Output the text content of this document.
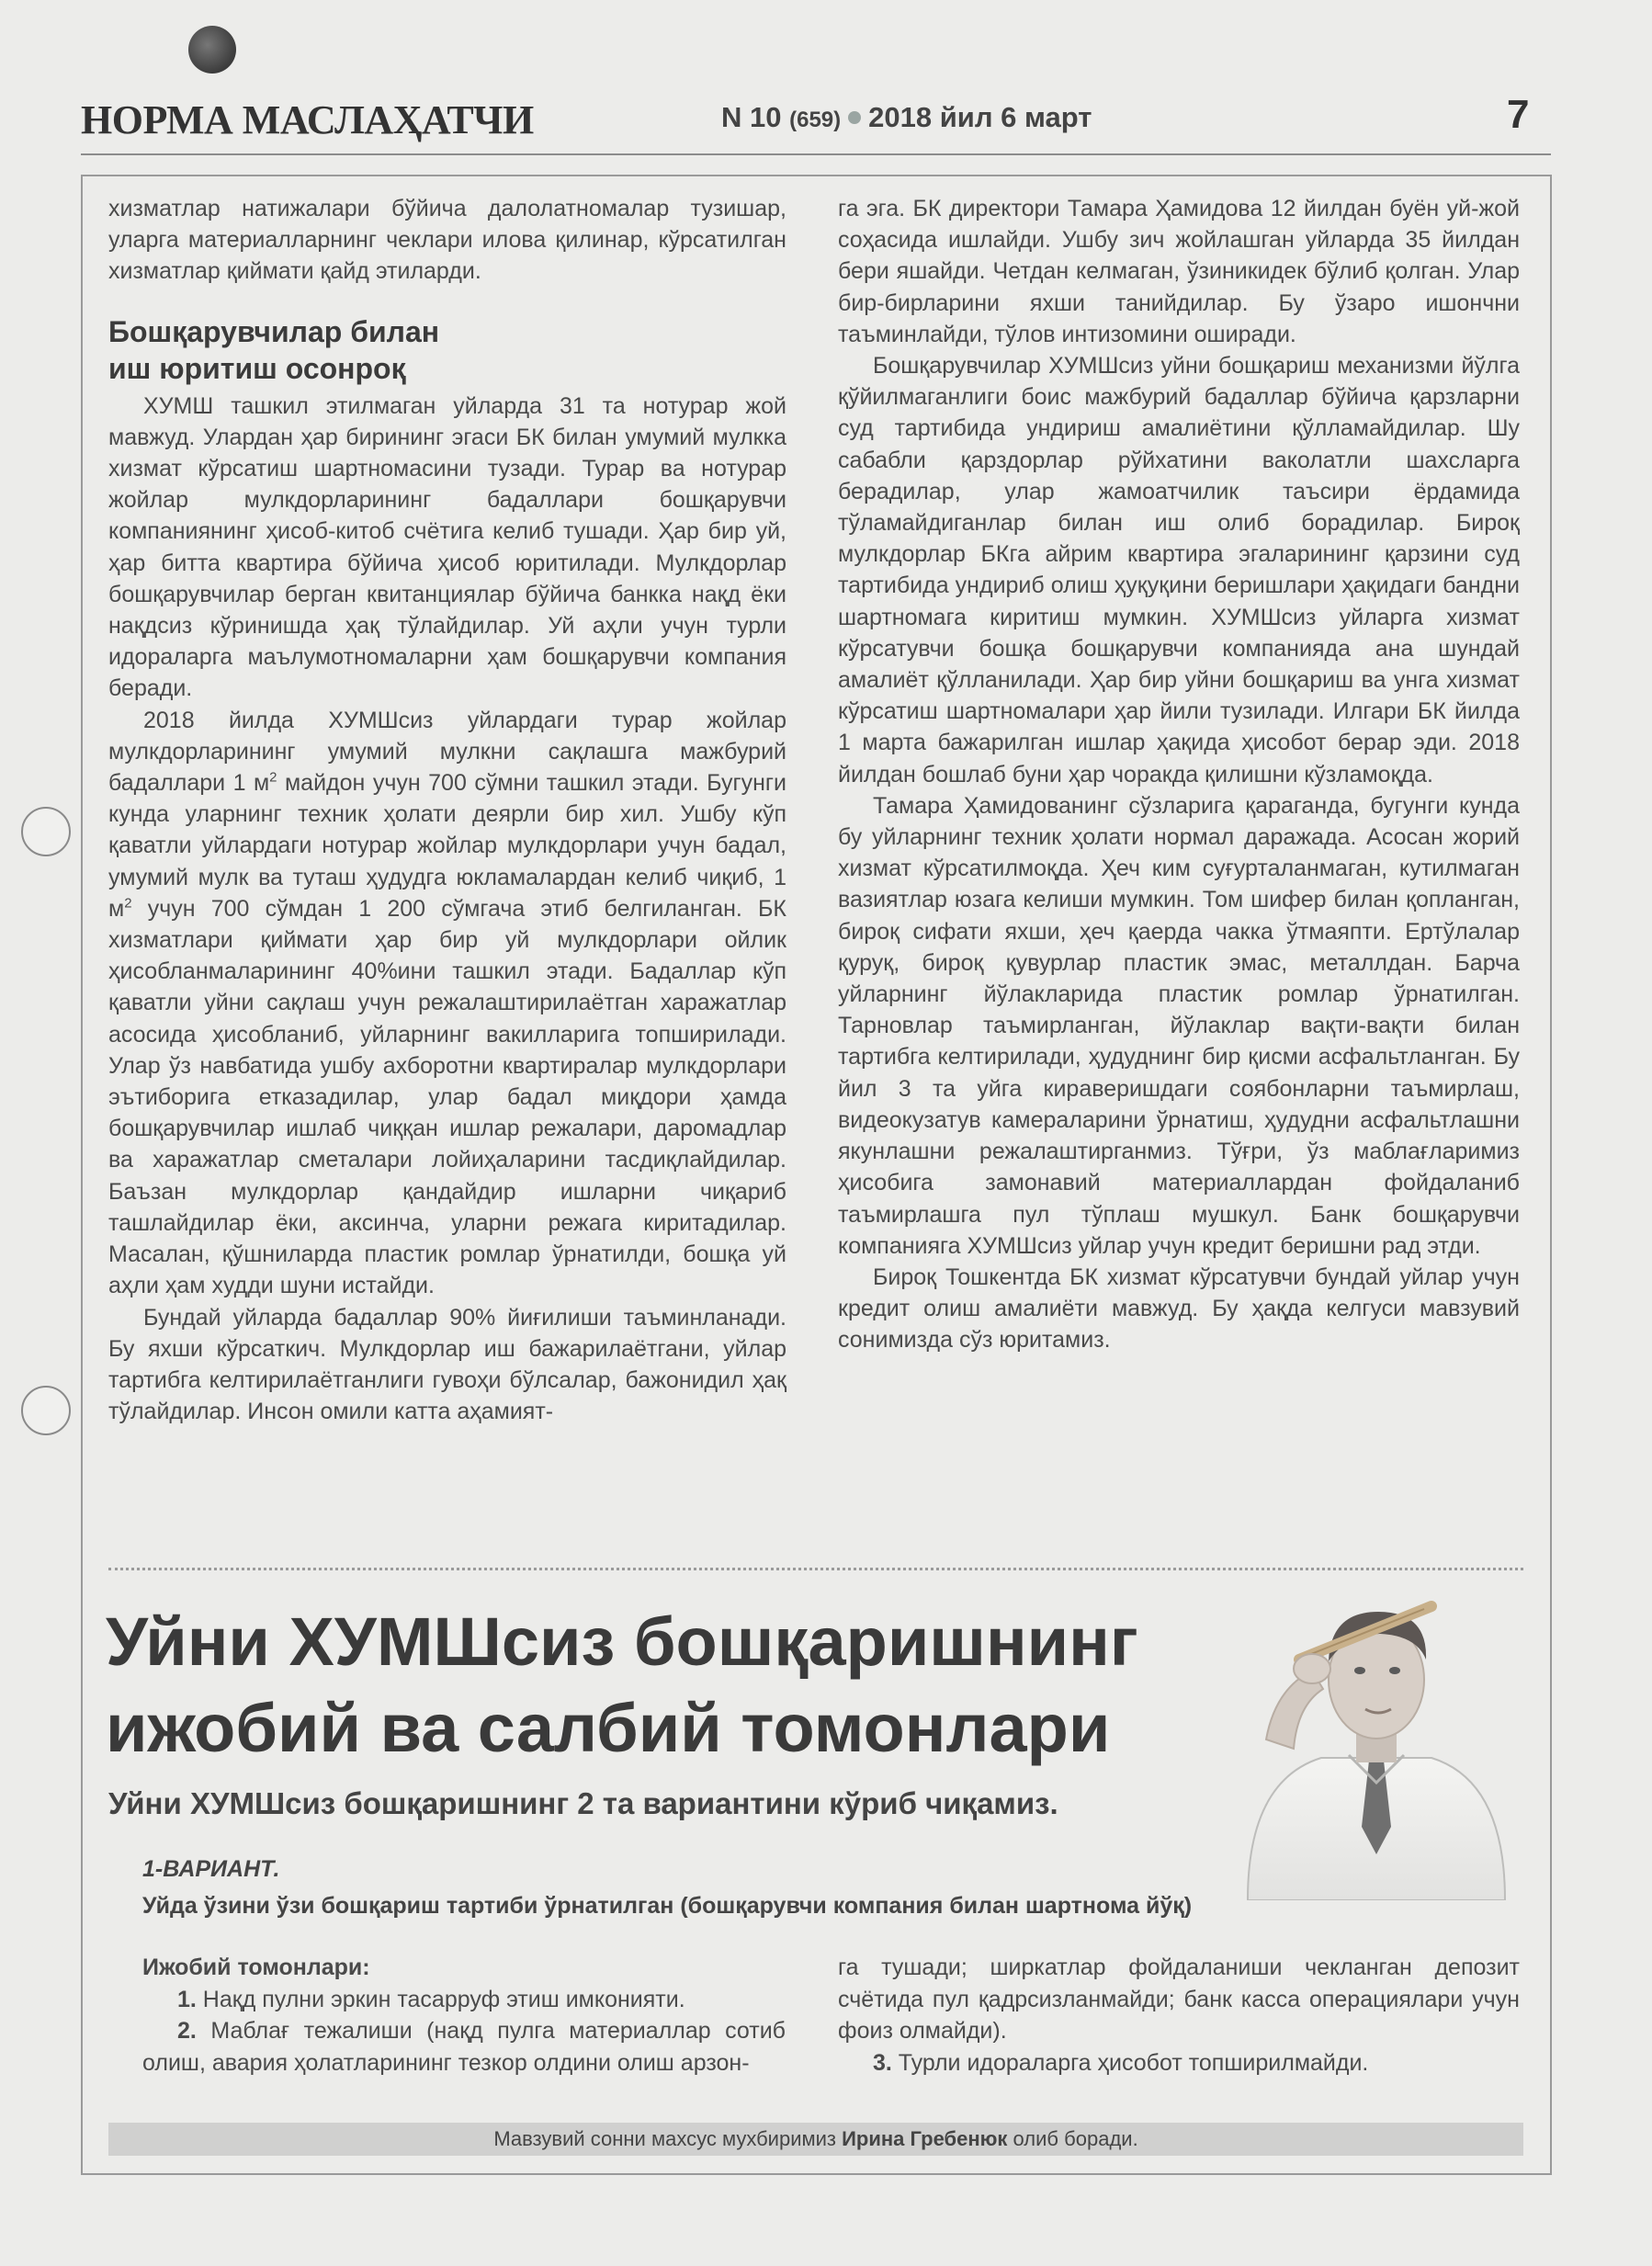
НОРМА МАСЛАҲАТЧИ	N 10 (659) 2018 йил 6 март	7

хизматлар натижалари бўйича далолатномалар тузишар, уларга материалларнинг чеклари илова қилинар, кўрсатилган хизматлар қиймати қайд этиларди.

Бошқарувчилар билан
иш юритиш осонроқ

ХУМШ ташкил этилмаган уйларда 31 та нотурар жой мавжуд. Улардан ҳар бирининг эгаси БК билан умумий мулкка хизмат кўрсатиш шартномасини тузади. Турар ва нотурар жойлар мулкдорларининг бадаллари бошқарувчи компаниянинг ҳисоб-китоб счётига келиб тушади. Ҳар бир уй, ҳар битта квартира бўйича ҳисоб юритилади. Мулкдорлар бошқарувчилар берган квитанциялар бўйича банкка нақд ёки нақдсиз кўринишда ҳақ тўлайдилар. Уй аҳли учун турли идораларга маълумотномаларни ҳам бошқарувчи компания беради.

2018 йилда ХУМШсиз уйлардаги турар жойлар мулкдорларининг умумий мулкни сақлашга мажбурий бадаллари 1 $м^2$ майдон учун 700 сўмни ташкил этади. Бугунги кунда уларнинг техник ҳолати деярли бир хил. Ушбу кўп қаватли уйлардаги нотурар жойлар мулкдорлари учун бадал, умумий мулк ва туташ ҳудудга юкламалардан келиб чиқиб, 1 $м^2$ учун 700 сўмдан 1 200 сўмгача этиб белгиланган. БК хизматлари қиймати ҳар бир уй мулкдорлари ойлик ҳисобланмаларининг 40%ини ташкил этади. Бадаллар кўп қаватли уйни сақлаш учун режалаштирилаётган харажатлар асосида ҳисобланиб, уйларнинг вакилларига топширилади. Улар ўз навбатида ушбу ахборотни квартиралар мулкдорлари эътиборига етказадилар, улар бадал миқдори ҳамда бошқарувчилар ишлаб чиққан ишлар режалари, даромадлар ва харажатлар сметалари лойиҳаларини тасдиқлайдилар. Баъзан мулкдорлар қандайдир ишларни чиқариб ташлайдилар ёки, аксинча, уларни режага киритадилар. Масалан, қўшниларда пластик ромлар ўрнатилди, бошқа уй аҳли ҳам худди шуни истайди.

Бундай уйларда бадаллар 90% йиғилиши таъминланади. Бу яхши кўрсаткич. Мулкдорлар иш бажарилаётгани, уйлар тартибга келтирилаётганлиги гувоҳи бўлсалар, бажонидил ҳақ тўлайдилар. Инсон омили катта аҳамият-

га эга. БК директори Тамара Ҳамидова 12 йилдан буён уй-жой соҳасида ишлайди. Ушбу зич жойлашган уйларда 35 йилдан бери яшайди. Четдан келмаган, ўзиникидек бўлиб қолган. Улар бир-бирларини яхши танийдилар. Бу ўзаро ишончни таъминлайди, тўлов интизомини оширади.

Бошқарувчилар ХУМШсиз уйни бошқариш механизми йўлга қўйилмаганлиги боис мажбурий бадаллар бўйича қарзларни суд тартибида ундириш амалиётини қўлламайдилар. Шу сабабли қарздорлар рўйхатини ваколатли шахсларга берадилар, улар жамоатчилик таъсири ёрдамида тўламайдиганлар билан иш олиб борадилар. Бироқ мулкдорлар БКга айрим квартира эгаларининг қарзини суд тартибида ундириб олиш ҳуқуқини беришлари ҳақидаги бандни шартномага киритиш мумкин. ХУМШсиз уйларга хизмат кўрсатувчи бошқа бошқарувчи компанияда ана шундай амалиёт қўлланилади. Ҳар бир уйни бошқариш ва унга хизмат кўрсатиш шартномалари ҳар йили тузилади. Илгари БК йилда 1 марта бажарилган ишлар ҳақида ҳисобот берар эди. 2018 йилдан бошлаб буни ҳар чоракда қилишни кўзламоқда.

Тамара Ҳамидованинг сўзларига қараганда, бугунги кунда бу уйларнинг техник ҳолати нормал даражада. Асосан жорий хизмат кўрсатилмоқда. Ҳеч ким суғурталанмаган, кутилмаган вазиятлар юзага келиши мумкин. Том шифер билан қопланган, бироқ сифати яхши, ҳеч қаерда чакка ўтмаяпти. Ертўлалар қуруқ, бироқ қувурлар пластик эмас, металлдан. Барча уйларнинг йўлакларида пластик ромлар ўрнатилган. Тарновлар таъмирланган, йўлаклар вақти-вақти билан тартибга келтирилади, ҳудуднинг бир қисми асфальтланган. Бу йил 3 та уйга кираверишдаги соябонларни таъмирлаш, видеокузатув камераларини ўрнатиш, ҳудудни асфальтлашни якунлашни режалаштирганмиз. Тўғри, ўз маблағларимиз ҳисобига замонавий материаллардан фойдаланиб таъмирлашга пул тўплаш мушкул. Банк бошқарувчи компанияга ХУМШсиз уйлар учун кредит беришни рад этди.

Бироқ Тошкентда БК хизмат кўрсатувчи бундай уйлар учун кредит олиш амалиёти мавжуд. Бу ҳақда келгуси мавзувий сонимизда сўз юритамиз.

Уйни ХУМШсиз бошқаришнинг
ижобий ва салбий томонлари
Уйни ХУМШсиз бошқаришнинг 2 та вариантини кўриб чиқамиз.
1-ВАРИАНТ.
Уйда ўзини ўзи бошқариш тартиби ўрнатилган (бошқарувчи компания билан шартнома йўқ)

Ижобий томонлари:

1. Нақд пулни эркин тасарруф этиш имконияти.

2. Маблағ тежалиши (нақд пулга материаллар сотиб олиш, авария ҳолатларининг тезкор олдини олиш арзон-

га тушади; ширкатлар фойдаланиши чекланган депозит счётида пул қадрсизланмайди; банк касса операциялари учун фоиз олмайди).

3. Турли идораларга ҳисобот топширилмайди.

Мавзувий сонни махсус мухбиримиз Ирина Гребенюк олиб боради.
